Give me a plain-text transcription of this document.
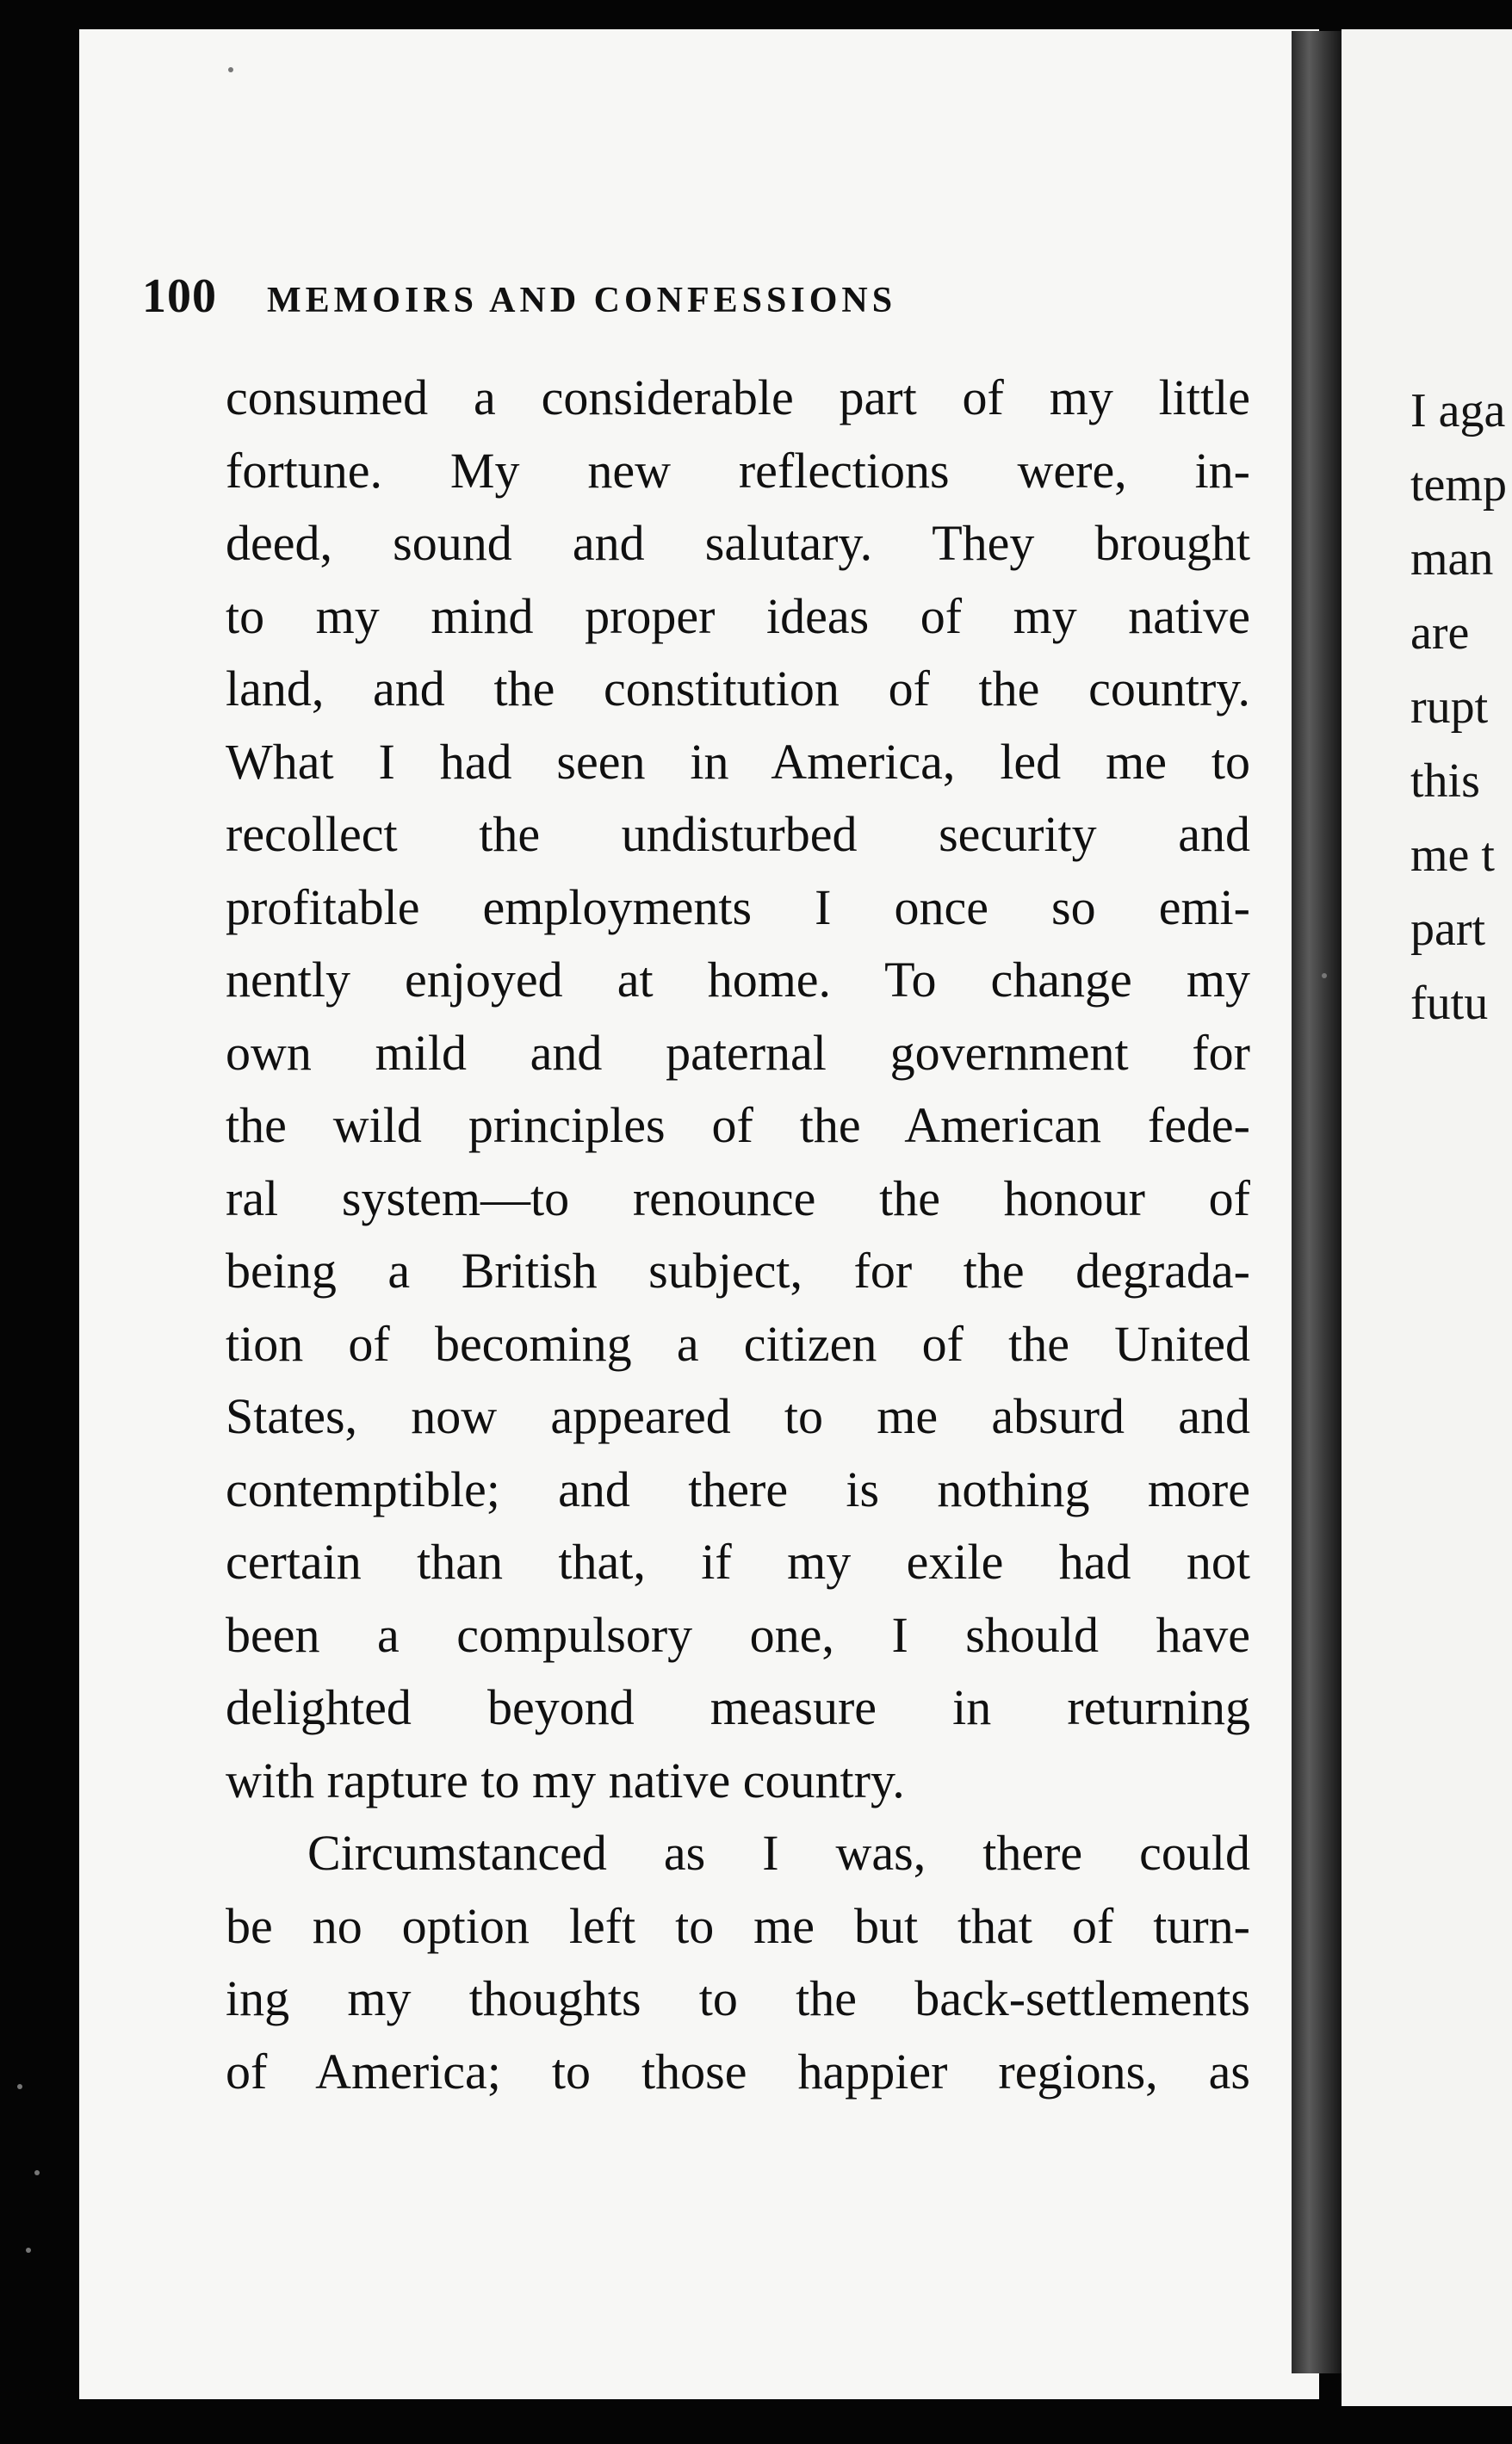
I aga
temp
man
are
rupt
this
me t
part
futu
100 MEMOIRS AND CONFESSIONS
consumed a considerable part of my little
fortune. My new reflections were, in-
deed, sound and salutary. They brought
to my mind proper ideas of my native
land, and the constitution of the country.
What I had seen in America, led me to
recollect the undisturbed security and
profitable employments I once so emi-
nently enjoyed at home. To change my
own mild and paternal government for
the wild principles of the American fede-
ral system—to renounce the honour of
being a British subject, for the degrada-
tion of becoming a citizen of the United
States, now appeared to me absurd and
contemptible; and there is nothing more
certain than that, if my exile had not
been a compulsory one, I should have
delighted beyond measure in returning
with rapture to my native country.
Circumstanced as I was, there could
be no option left to me but that of turn-
ing my thoughts to the back-settlements
of America; to those happier regions, as
